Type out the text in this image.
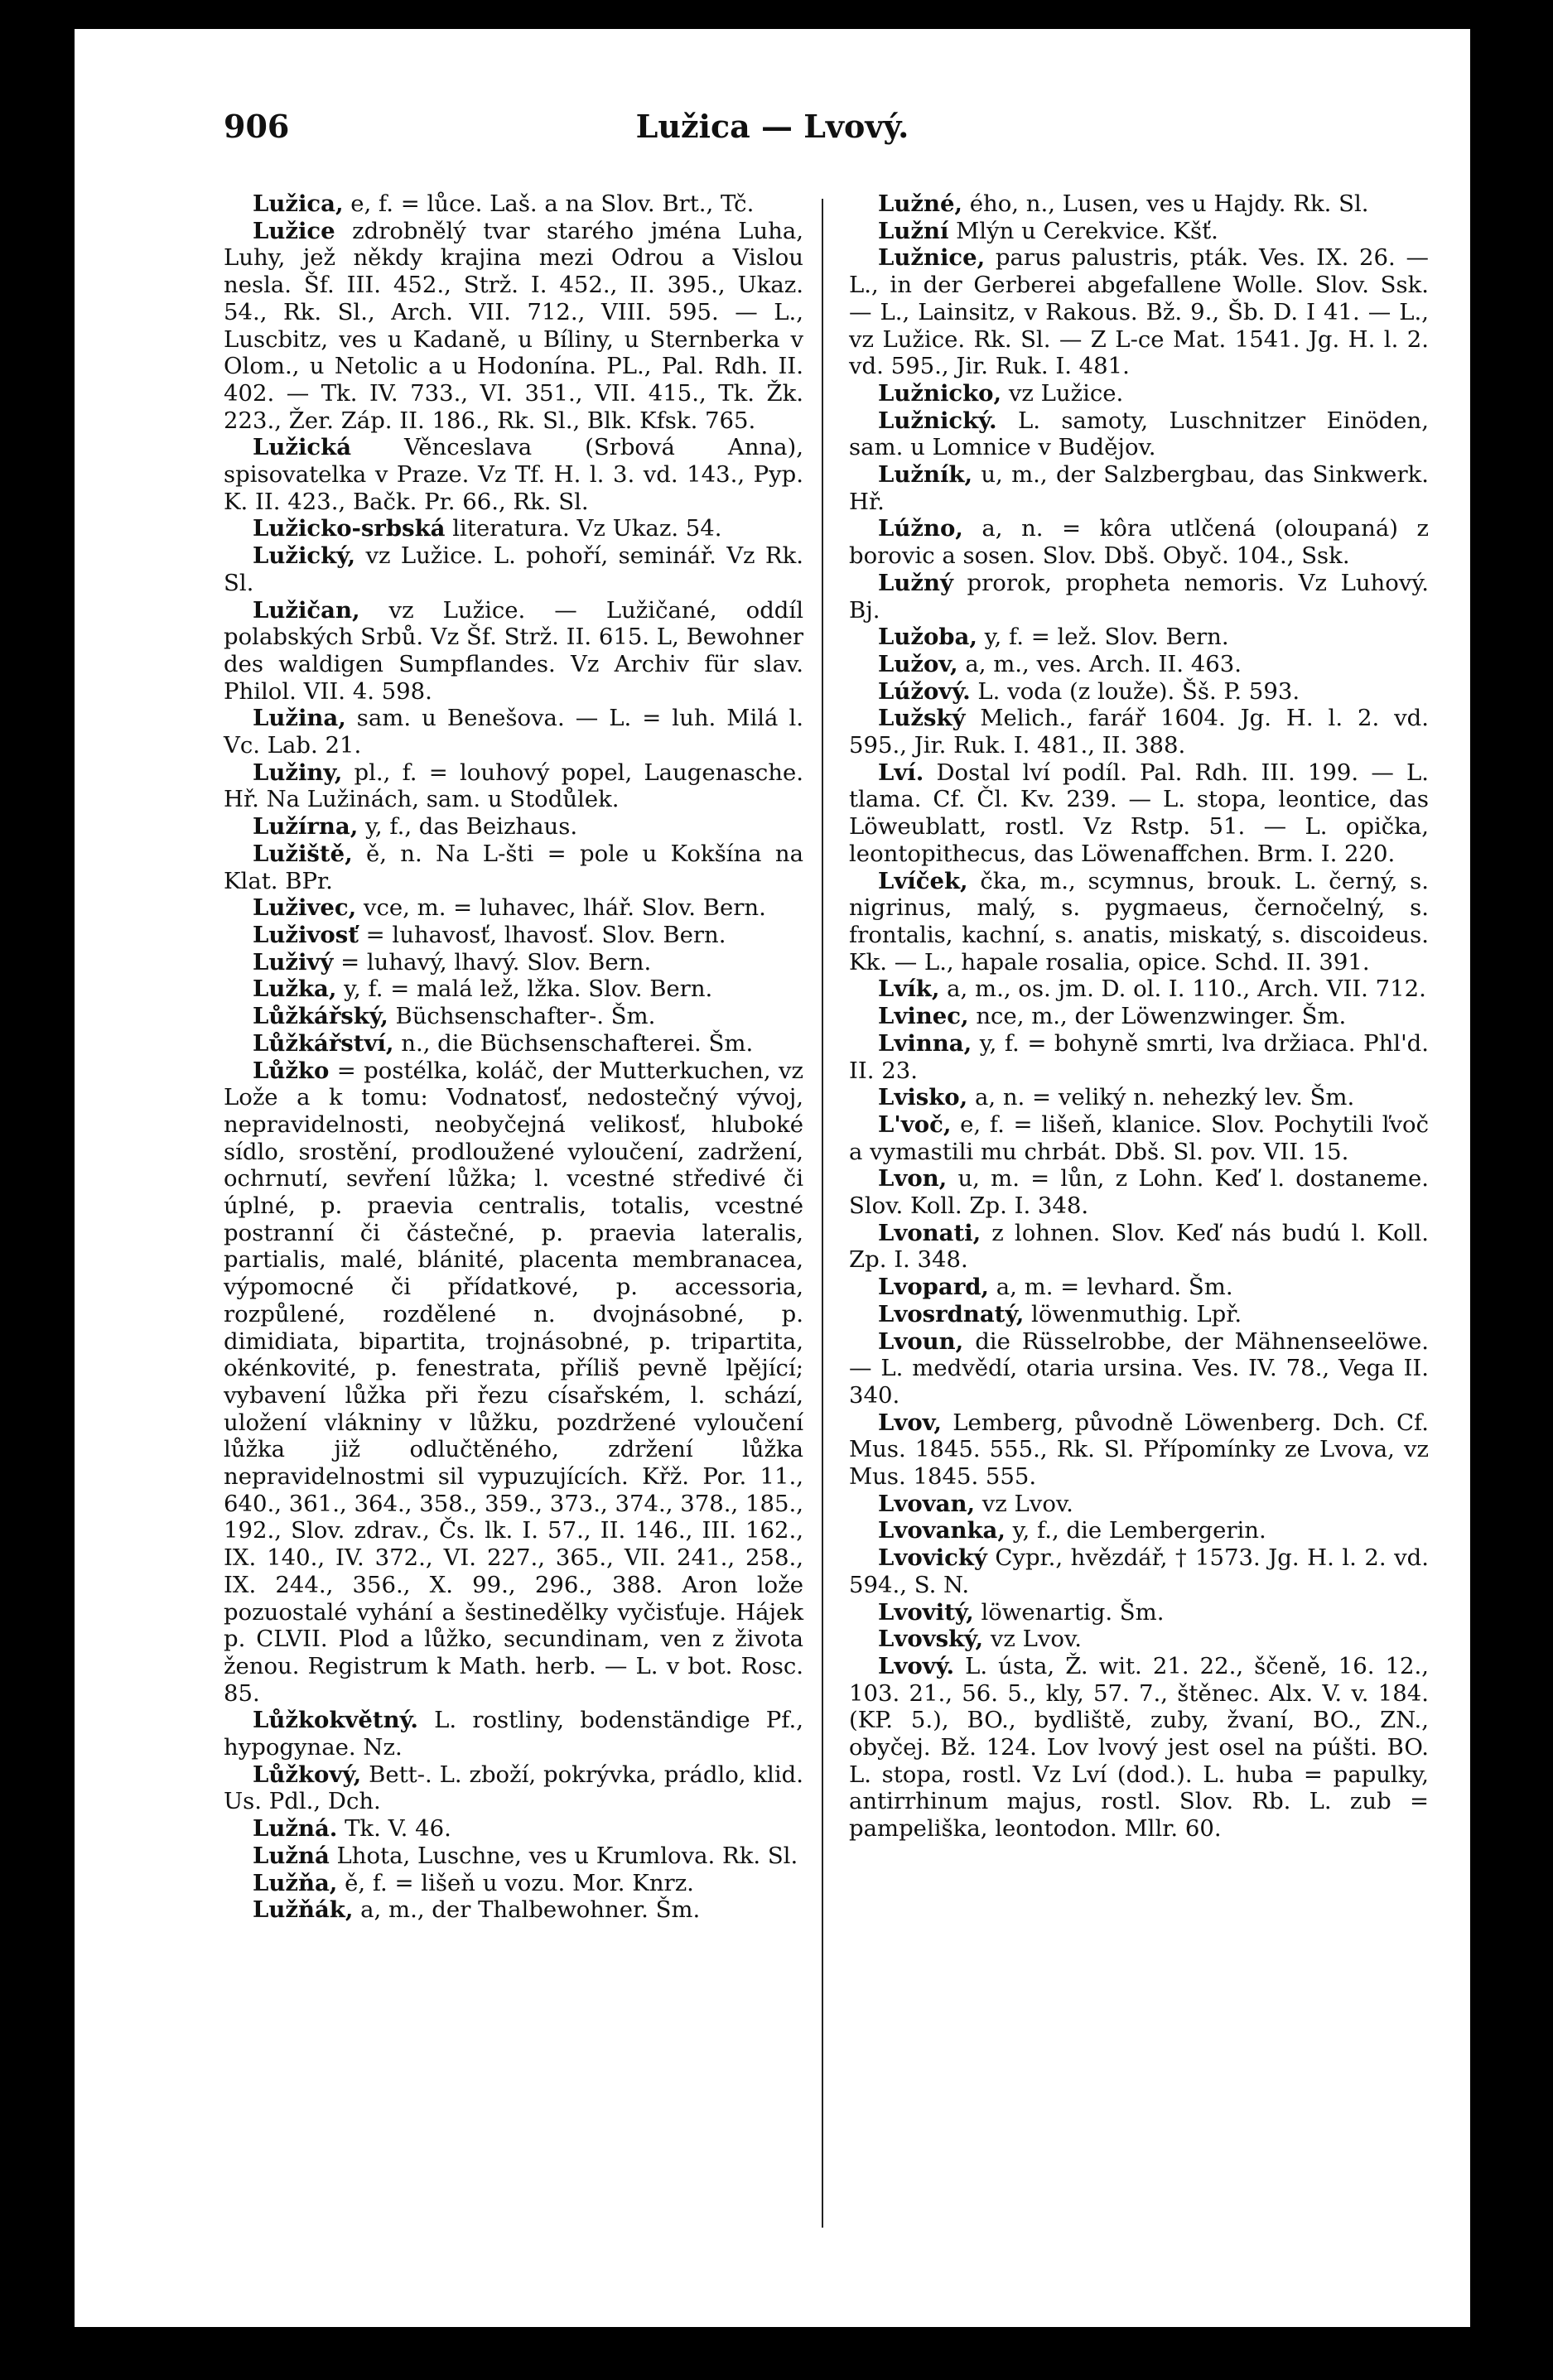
906	Lužica — Lvový.

Lužica, e, f. = lůce. Laš. a na Slov. Brt., Tč.

Lužice zdrobnělý tvar starého jména Luha, Luhy, jež někdy krajina mezi Odrou a Vislou nesla. Šf. III. 452., Strž. I. 452., II. 395., Ukaz. 54., Rk. Sl., Arch. VII. 712., VIII. 595. — L., Luscbitz, ves u Kadaně, u Bíliny, u Sternberka v Olom., u Netolic a u Hodonína. PL., Pal. Rdh. II. 402. — Tk. IV. 733., VI. 351., VII. 415., Tk. Žk. 223., Žer. Záp. II. 186., Rk. Sl., Blk. Kfsk. 765.

Lužická Věnceslava (Srbová Anna), spisovatelka v Praze. Vz Tf. H. l. 3. vd. 143., Pyp. K. II. 423., Bačk. Pr. 66., Rk. Sl.

Lužicko-srbská literatura. Vz Ukaz. 54.

Lužický, vz Lužice. L. pohoří, seminář. Vz Rk. Sl.

Lužičan, vz Lužice. — Lužičané, oddíl polabských Srbů. Vz Šf. Strž. II. 615. L, Bewohner des waldigen Sumpflandes. Vz Archiv für slav. Philol. VII. 4. 598.

Lužina, sam. u Benešova. — L. = luh. Milá l. Vc. Lab. 21.

Lužiny, pl., f. = louhový popel, Laugenasche. Hř. Na Lužinách, sam. u Stodůlek.

Lužírna, y, f., das Beizhaus.

Lužiště, ě, n. Na L-šti = pole u Kokšína na Klat. BPr.

Luživec, vce, m. = luhavec, lhář. Slov. Bern.

Luživosť = luhavosť, lhavosť. Slov. Bern.

Luživý = luhavý, lhavý. Slov. Bern.

Lužka, y, f. = malá lež, lžka. Slov. Bern.

Lůžkářský, Büchsenschafter-. Šm.

Lůžkářství, n., die Büchsenschafterei. Šm.

Lůžko = postélka, koláč, der Mutterkuchen, vz Lože a k tomu: Vodnatosť, nedostečný vývoj, nepravidelnosti, neobyčejná velikosť, hluboké sídlo, srostění, prodloužené vyloučení, zadržení, ochrnutí, sevření lůžka; l. vcestné středivé či úplné, p. praevia centralis, totalis, vcestné postranní či částečné, p. praevia lateralis, partialis, malé, blánité, placenta membranacea, výpomocné či přídatkové, p. accessoria, rozpůlené, rozdělené n. dvojnásobné, p. dimidiata, bipartita, trojnásobné, p. tripartita, okénkovité, p. fenestrata, příliš pevně lpějící; vybavení lůžka při řezu císařském, l. schází, uložení vlákniny v lůžku, pozdržené vyloučení lůžka již odlučtěného, zdržení lůžka nepravidelnostmi sil vypuzujících. Křž. Por. 11., 640., 361., 364., 358., 359., 373., 374., 378., 185., 192., Slov. zdrav., Čs. lk. I. 57., II. 146., III. 162., IX. 140., IV. 372., VI. 227., 365., VII. 241., 258., IX. 244., 356., X. 99., 296., 388. Aron lože pozuostalé vyhání a šestinedělky vyčisťuje. Hájek p. CLVII. Plod a lůžko, secundinam, ven z života ženou. Registrum k Math. herb. — L. v bot. Rosc. 85.

Lůžkokvětný. L. rostliny, bodenständige Pf., hypogynae. Nz.

Lůžkový, Bett-. L. zboží, pokrývka, prádlo, klid. Us. Pdl., Dch.

Lužná. Tk. V. 46.

Lužná Lhota, Luschne, ves u Krumlova. Rk. Sl.

Lužňa, ě, f. = lišeň u vozu. Mor. Knrz.

Lužňák, a, m., der Thalbewohner. Šm.

Lužné, ého, n., Lusen, ves u Hajdy. Rk. Sl.

Lužní Mlýn u Cerekvice. Kšť.

Lužnice, parus palustris, pták. Ves. IX. 26. — L., in der Gerberei abgefallene Wolle. Slov. Ssk. — L., Lainsitz, v Rakous. Bž. 9., Šb. D. I 41. — L., vz Lužice. Rk. Sl. — Z L-ce Mat. 1541. Jg. H. l. 2. vd. 595., Jir. Ruk. I. 481.

Lužnicko, vz Lužice.

Lužnický. L. samoty, Luschnitzer Einöden, sam. u Lomnice v Budějov.

Lužník, u, m., der Salzbergbau, das Sinkwerk. Hř.

Lúžno, a, n. = kôra utlčená (oloupaná) z borovic a sosen. Slov. Dbš. Obyč. 104., Ssk.

Lužný prorok, propheta nemoris. Vz Luhový. Bj.

Lužoba, y, f. = lež. Slov. Bern.

Lužov, a, m., ves. Arch. II. 463.

Lúžový. L. voda (z louže). Šš. P. 593.

Lužský Melich., farář 1604. Jg. H. l. 2. vd. 595., Jir. Ruk. I. 481., II. 388.

Lví. Dostal lví podíl. Pal. Rdh. III. 199. — L. tlama. Cf. Čl. Kv. 239. — L. stopa, leontice, das Löweublatt, rostl. Vz Rstp. 51. — L. opička, leontopithecus, das Löwenaffchen. Brm. I. 220.

Lvíček, čka, m., scymnus, brouk. L. černý, s. nigrinus, malý, s. pygmaeus, černočelný, s. frontalis, kachní, s. anatis, miskatý, s. discoideus. Kk. — L., hapale rosalia, opice. Schd. II. 391.

Lvík, a, m., os. jm. D. ol. I. 110., Arch. VII. 712.

Lvinec, nce, m., der Löwenzwinger. Šm.

Lvinna, y, f. = bohyně smrti, lva držiaca. Phl'd. II. 23.

Lvisko, a, n. = veliký n. nehezký lev. Šm.

L'voč, e, f. = lišeň, klanice. Slov. Pochytili ľvoč a vymastili mu chrbát. Dbš. Sl. pov. VII. 15.

Lvon, u, m. = lůn, z Lohn. Keď l. dostaneme. Slov. Koll. Zp. I. 348.

Lvonati, z lohnen. Slov. Keď nás budú l. Koll. Zp. I. 348.

Lvopard, a, m. = levhard. Šm.

Lvosrdnatý, löwenmuthig. Lpř.

Lvoun, die Rüsselrobbe, der Mähnenseelöwe. — L. medvědí, otaria ursina. Ves. IV. 78., Vega II. 340.

Lvov, Lemberg, původně Löwenberg. Dch. Cf. Mus. 1845. 555., Rk. Sl. Přípomínky ze Lvova, vz Mus. 1845. 555.

Lvovan, vz Lvov.

Lvovanka, y, f., die Lembergerin.

Lvovický Cypr., hvězdář, † 1573. Jg. H. l. 2. vd. 594., S. N.

Lvovitý, löwenartig. Šm.

Lvovský, vz Lvov.

Lvový. L. ústa, Ž. wit. 21. 22., ščeně, 16. 12., 103. 21., 56. 5., kly, 57. 7., štěnec. Alx. V. v. 184. (KP. 5.), BO., bydliště, zuby, žvaní, BO., ZN., obyčej. Bž. 124. Lov lvový jest osel na púšti. BO. L. stopa, rostl. Vz Lví (dod.). L. huba = papulky, antirrhinum majus, rostl. Slov. Rb. L. zub = pampeliška, leontodon. Mllr. 60.
